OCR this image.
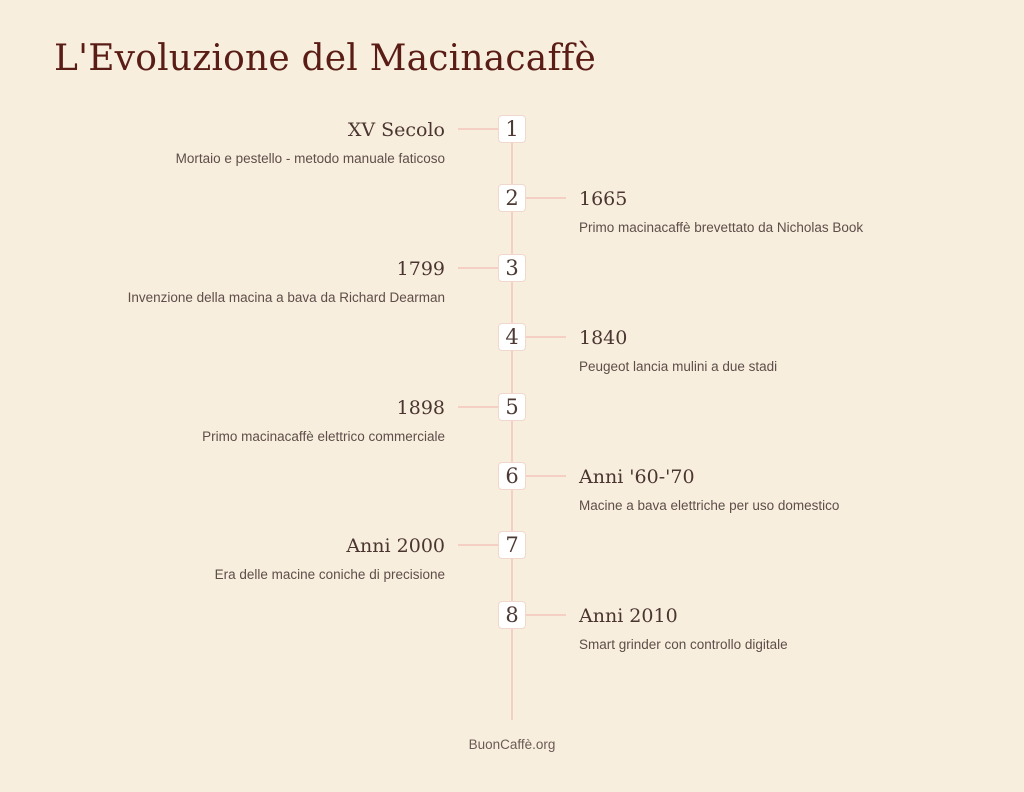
L'Evoluzione del Macinacaffè
1
XV Secolo
Mortaio e pestello - metodo manuale faticoso
2	1665
Primo macinacaffè brevettato da Nicholas Book
3
1799
Invenzione della macina a bava da Richard Dearman
4	1840
Peugeot lancia mulini a due stadi
5
1898
Primo macinacaffè elettrico commerciale
6	Anni '60-'70
Macine a bava elettriche per uso domestico
7
Anni 2000
Era delle macine coniche di precisione
8	Anni 2010
Smart grinder con controllo digitale
BuonCaffè.org
